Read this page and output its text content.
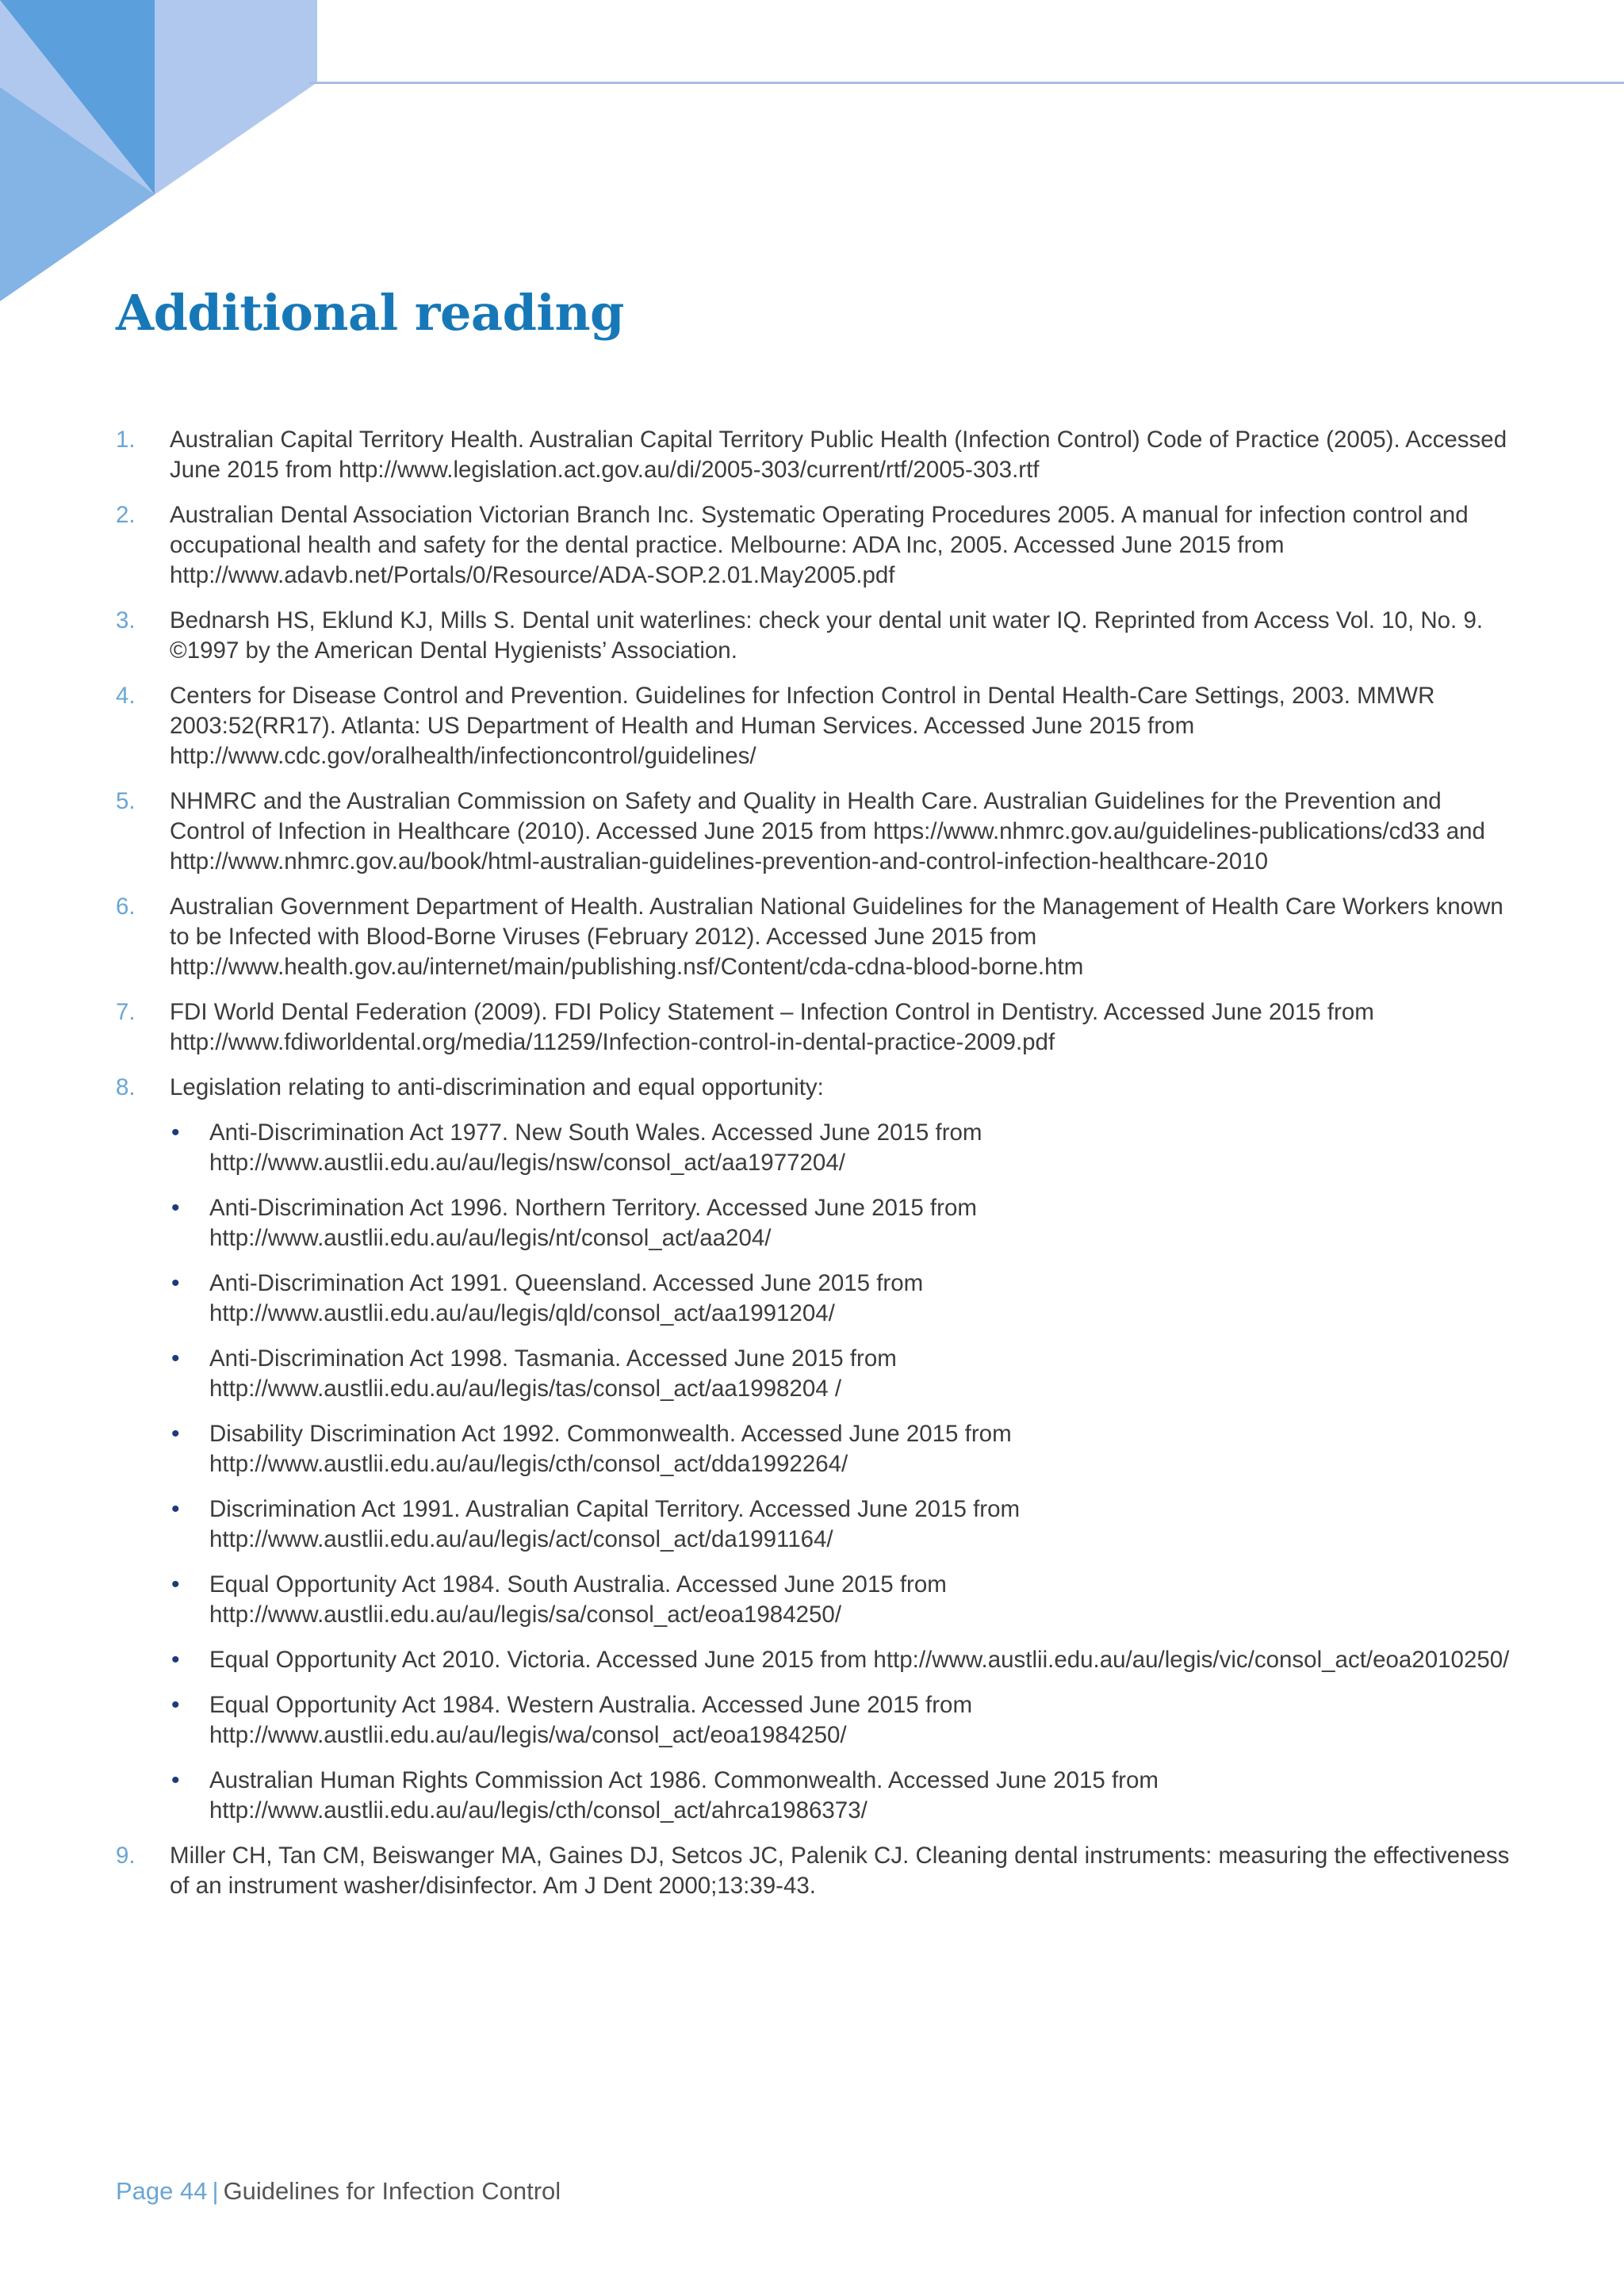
Additional reading
1. Australian Capital Territory Health. Australian Capital Territory Public Health (Infection Control) Code of Practice (2005). Accessed June 2015 from http://www.legislation.act.gov.au/di/2005-303/current/rtf/2005-303.rtf
2. Australian Dental Association Victorian Branch Inc. Systematic Operating Procedures 2005. A manual for infection control and occupational health and safety for the dental practice. Melbourne: ADA Inc, 2005. Accessed June 2015 from http://www.adavb.net/Portals/0/Resource/ADA-SOP.2.01.May2005.pdf
3. Bednarsh HS, Eklund KJ, Mills S. Dental unit waterlines: check your dental unit water IQ. Reprinted from Access Vol. 10, No. 9. ©1997 by the American Dental Hygienists’ Association.
4. Centers for Disease Control and Prevention. Guidelines for Infection Control in Dental Health-Care Settings, 2003. MMWR 2003:52(RR17). Atlanta: US Department of Health and Human Services. Accessed June 2015 from http://www.cdc.gov/oralhealth/infectioncontrol/guidelines/
5. NHMRC and the Australian Commission on Safety and Quality in Health Care. Australian Guidelines for the Prevention and Control of Infection in Healthcare (2010). Accessed June 2015 from https://www.nhmrc.gov.au/guidelines-publications/cd33 and http://www.nhmrc.gov.au/book/html-australian-guidelines-prevention-and-control-infection-healthcare-2010
6. Australian Government Department of Health. Australian National Guidelines for the Management of Health Care Workers known to be Infected with Blood-Borne Viruses (February 2012). Accessed June 2015 from http://www.health.gov.au/internet/main/publishing.nsf/Content/cda-cdna-blood-borne.htm
7. FDI World Dental Federation (2009). FDI Policy Statement – Infection Control in Dentistry. Accessed June 2015 from http://www.fdiworldental.org/media/11259/Infection-control-in-dental-practice-2009.pdf
8. Legislation relating to anti-discrimination and equal opportunity:
• Anti-Discrimination Act 1977. New South Wales. Accessed June 2015 from http://www.austlii.edu.au/au/legis/nsw/consol_act/aa1977204/
• Anti-Discrimination Act 1996. Northern Territory. Accessed June 2015 from http://www.austlii.edu.au/au/legis/nt/consol_act/aa204/
• Anti-Discrimination Act 1991. Queensland. Accessed June 2015 from http://www.austlii.edu.au/au/legis/qld/consol_act/aa1991204/
• Anti-Discrimination Act 1998. Tasmania. Accessed June 2015 from http://www.austlii.edu.au/au/legis/tas/consol_act/aa1998204 /
• Disability Discrimination Act 1992. Commonwealth. Accessed June 2015 from http://www.austlii.edu.au/au/legis/cth/consol_act/dda1992264/
• Discrimination Act 1991. Australian Capital Territory. Accessed June 2015 from http://www.austlii.edu.au/au/legis/act/consol_act/da1991164/
• Equal Opportunity Act 1984. South Australia. Accessed June 2015 from http://www.austlii.edu.au/au/legis/sa/consol_act/eoa1984250/
• Equal Opportunity Act 2010. Victoria. Accessed June 2015 from http://www.austlii.edu.au/au/legis/vic/consol_act/eoa2010250/
• Equal Opportunity Act 1984. Western Australia. Accessed June 2015 from http://www.austlii.edu.au/au/legis/wa/consol_act/eoa1984250/
• Australian Human Rights Commission Act 1986. Commonwealth. Accessed June 2015 from http://www.austlii.edu.au/au/legis/cth/consol_act/ahrca1986373/
9. Miller CH, Tan CM, Beiswanger MA, Gaines DJ, Setcos JC, Palenik CJ. Cleaning dental instruments: measuring the effectiveness of an instrument washer/disinfector. Am J Dent 2000;13:39-43.
Page 44 | Guidelines for Infection Control
